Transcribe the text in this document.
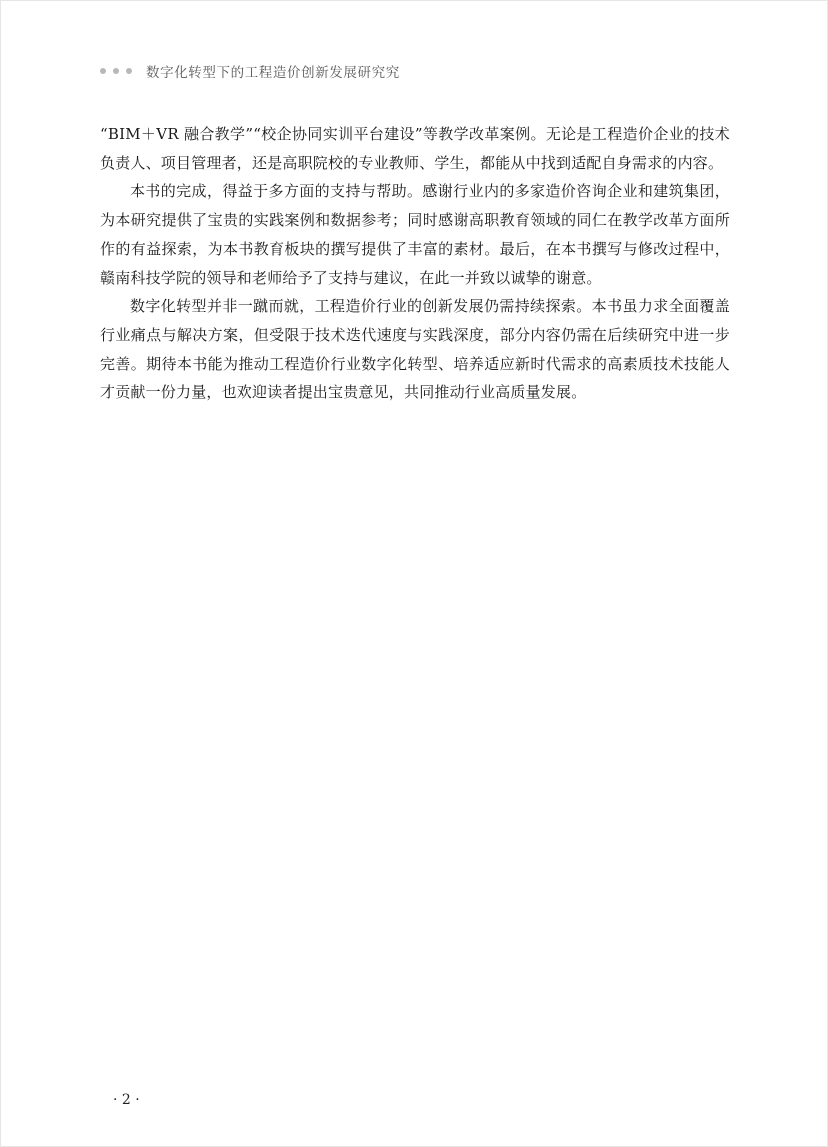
数字化转型下的工程造价创新发展研究究

“BIM＋VR 融合教学”“校企协同实训平台建设”等教学改革案例。无论是工程造价企业的技术负责人、项目管理者，还是高职院校的专业教师、学生，都能从中找到适配自身需求的内容。

本书的完成，得益于多方面的支持与帮助。感谢行业内的多家造价咨询企业和建筑集团，为本研究提供了宝贵的实践案例和数据参考；同时感谢高职教育领域的同仁在教学改革方面所作的有益探索，为本书教育板块的撰写提供了丰富的素材。最后，在本书撰写与修改过程中，赣南科技学院的领导和老师给予了支持与建议，在此一并致以诚挚的谢意。

数字化转型并非一蹴而就，工程造价行业的创新发展仍需持续探索。本书虽力求全面覆盖行业痛点与解决方案，但受限于技术迭代速度与实践深度，部分内容仍需在后续研究中进一步完善。期待本书能为推动工程造价行业数字化转型、培养适应新时代需求的高素质技术技能人才贡献一份力量，也欢迎读者提出宝贵意见，共同推动行业高质量发展。

· 2 ·
